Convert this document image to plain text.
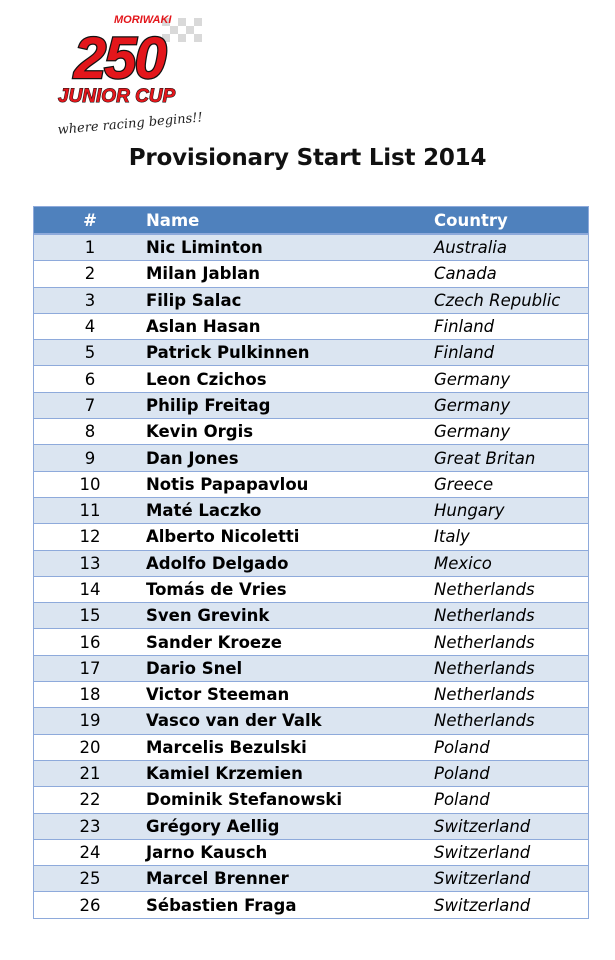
MORIWAKI
250
JUNIOR CUP
where racing begins!!
Provisionary Start List 2014
#	Name	Country
1	Nic Liminton	Australia
2	Milan Jablan	Canada
3	Filip Salac	Czech Republic
4	Aslan Hasan	Finland
5	Patrick Pulkinnen	Finland
6	Leon Czichos	Germany
7	Philip Freitag	Germany
8	Kevin Orgis	Germany
9	Dan Jones	Great Britan
10	Notis Papapavlou	Greece
11	Maté Laczko	Hungary
12	Alberto Nicoletti	Italy
13	Adolfo Delgado	Mexico
14	Tomás de Vries	Netherlands
15	Sven Grevink	Netherlands
16	Sander Kroeze	Netherlands
17	Dario Snel	Netherlands
18	Victor Steeman	Netherlands
19	Vasco van der Valk	Netherlands
20	Marcelis Bezulski	Poland
21	Kamiel Krzemien	Poland
22	Dominik Stefanowski	Poland
23	Grégory Aellig	Switzerland
24	Jarno Kausch	Switzerland
25	Marcel Brenner	Switzerland
26	Sébastien Fraga	Switzerland
